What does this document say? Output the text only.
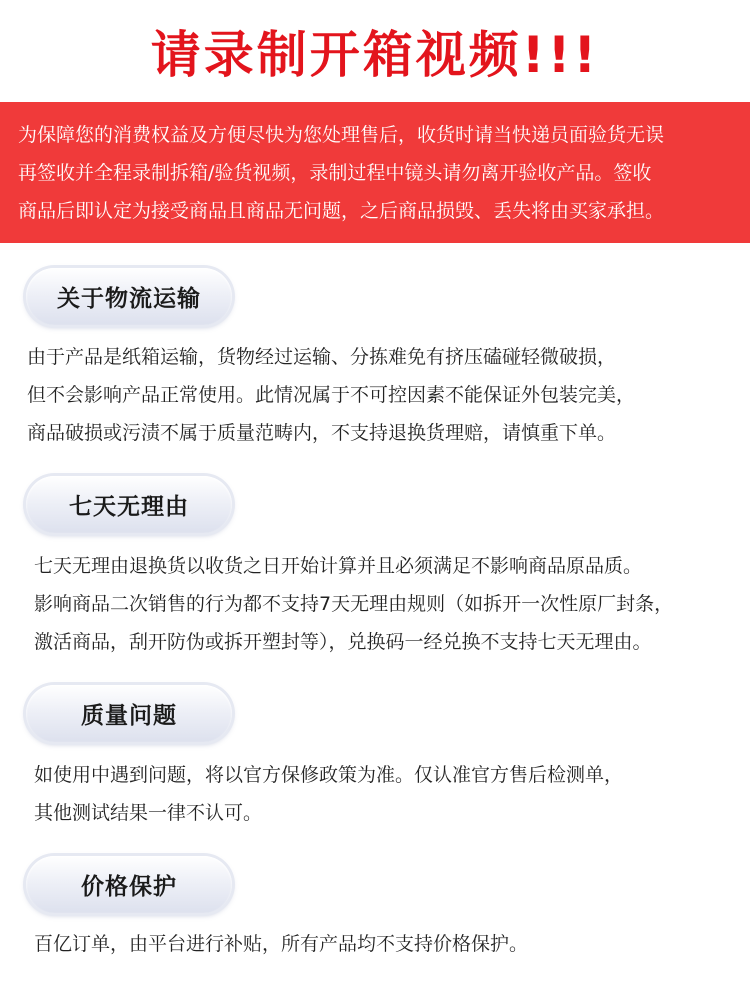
请录制开箱视频!!!

为保障您的消费权益及方便尽快为您处理售后，收货时请当快递员面验货无误

再签收并全程录制拆箱/验货视频，录制过程中镜头请勿离开验收产品。签收

商品后即认定为接受商品且商品无问题，之后商品损毁、丢失将由买家承担。

关于物流运输

由于产品是纸箱运输，货物经过运输、分拣难免有挤压磕碰轻微破损，

但不会影响产品正常使用。此情况属于不可控因素不能保证外包装完美，

商品破损或污渍不属于质量范畴内，不支持退换货理赔，请慎重下单。

七天无理由

七天无理由退换货以收货之日开始计算并且必须满足不影响商品原品质。

影响商品二次销售的行为都不支持7天无理由规则（如拆开一次性原厂封条，

激活商品，刮开防伪或拆开塑封等），兑换码一经兑换不支持七天无理由。

质量问题

如使用中遇到问题，将以官方保修政策为准。仅认准官方售后检测单，

其他测试结果一律不认可。

价格保护

百亿订单，由平台进行补贴，所有产品均不支持价格保护。
